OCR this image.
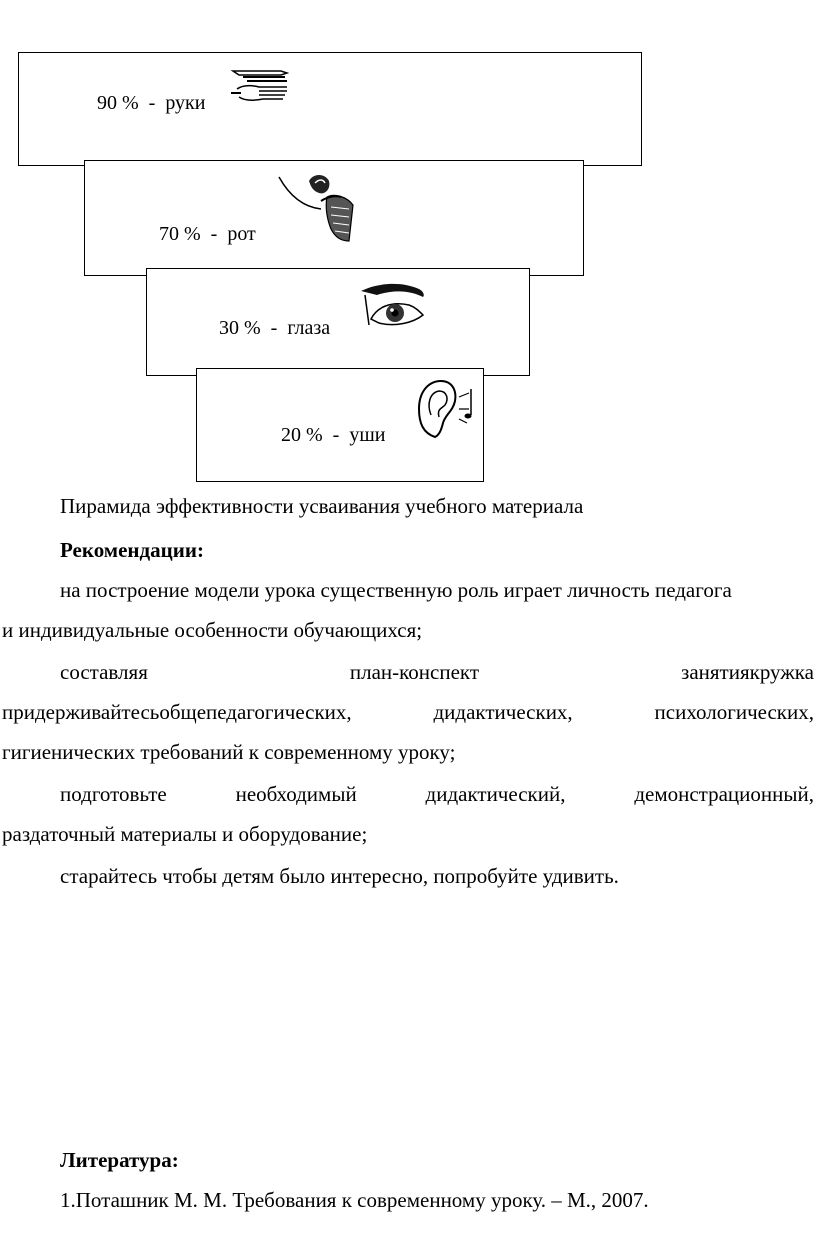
90 %  -  руки
70 %  -  рот
30 %  -  глаза
20 %  -  уши
Пирамида эффективности усваивания учебного материала
Рекомендации:
на построение модели урока существенную роль играет личность педагога
и индивидуальные особенности обучающихся;
составляя	план-конспект	занятиякружка
придерживайтесьобщепедагогических,	дидактических,	психологических,
гигиенических требований к современному уроку;
подготовьте	необходимый	дидактический,	демонстрационный,
раздаточный материалы и оборудование;
старайтесь чтобы детям было интересно, попробуйте удивить.
Литература:
1.Поташник М. М. Требования к современному уроку. – М., 2007.
